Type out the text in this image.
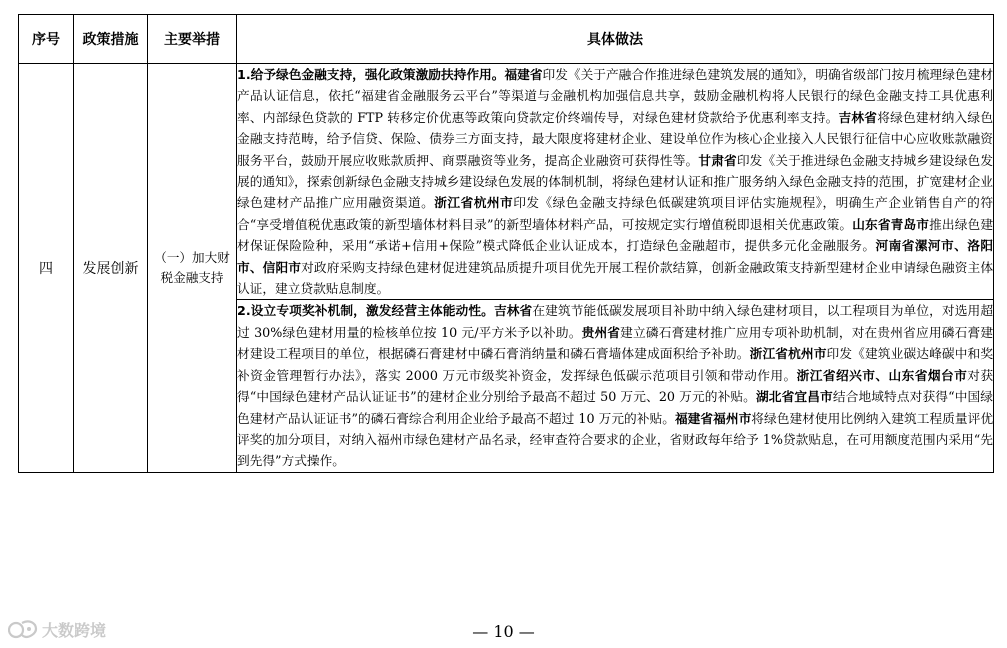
序号	政策措施	主要举措	具体做法
四	发展创新	（一）加大财税金融支持	1.给予绿色金融支持，强化政策激励扶持作用。福建省印发《关于产融合作推进绿色建筑发展的通知》，明确省级部门按月梳理绿色建材产品认证信息，依托“福建省金融服务云平台”等渠道与金融机构加强信息共享，鼓励金融机构将人民银行的绿色金融支持工具优惠利率、内部绿色贷款的 FTP 转移定价优惠等政策向贷款定价终端传导，对绿色建材贷款给予优惠利率支持。吉林省将绿色建材纳入绿色金融支持范畴，给予信贷、保险、债券三方面支持，最大限度将建材企业、建设单位作为核心企业接入人民银行征信中心应收账款融资服务平台，鼓励开展应收账款质押、商票融资等业务，提高企业融资可获得性等。甘肃省印发《关于推进绿色金融支持城乡建设绿色发展的通知》，探索创新绿色金融支持城乡建设绿色发展的体制机制，将绿色建材认证和推广服务纳入绿色金融支持的范围，扩宽建材企业绿色建材产品推广应用融资渠道。浙江省杭州市印发《绿色金融支持绿色低碳建筑项目评估实施规程》，明确生产企业销售自产的符合“享受增值税优惠政策的新型墙体材料目录”的新型墙体材料产品，可按规定实行增值税即退相关优惠政策。山东省青岛市推出绿色建材保证保险险种，采用“承诺+信用+保险”模式降低企业认证成本，打造绿色金融超市，提供多元化金融服务。河南省漯河市、洛阳市、信阳市对政府采购支持绿色建材促进建筑品质提升项目优先开展工程价款结算，创新金融政策支持新型建材企业申请绿色融资主体认证，建立贷款贴息制度。
			2.设立专项奖补机制，激发经营主体能动性。吉林省在建筑节能低碳发展项目补助中纳入绿色建材项目，以工程项目为单位，对选用超过 30%绿色建材用量的检核单位按 10 元/平方米予以补助。贵州省建立磷石膏建材推广应用专项补助机制，对在贵州省应用磷石膏建材建设工程项目的单位，根据磷石膏建材中磷石膏消纳量和磷石膏墙体建成面积给予补助。浙江省杭州市印发《建筑业碳达峰碳中和奖补资金管理暂行办法》，落实 2000 万元市级奖补资金，发挥绿色低碳示范项目引领和带动作用。浙江省绍兴市、山东省烟台市对获得“中国绿色建材产品认证证书”的建材企业分别给予最高不超过 50 万元、20 万元的补贴。湖北省宜昌市结合地域特点对获得“中国绿色建材产品认证证书”的磷石膏综合利用企业给予最高不超过 10 万元的补贴。福建省福州市将绿色建材使用比例纳入建筑工程质量评优评奖的加分项目，对纳入福州市绿色建材产品名录，经审查符合要求的企业，省财政每年给予 1%贷款贴息，在可用额度范围内采用“先到先得”方式操作。
大数跨境	— 10 —
